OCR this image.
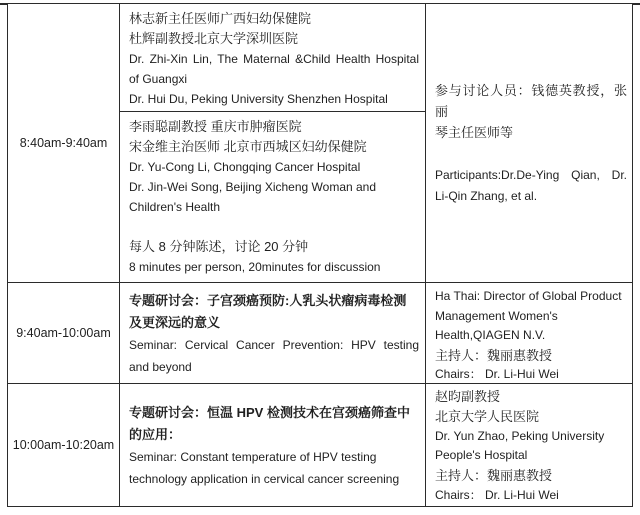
8:40am-9:40am
林志新主任医师广西妇幼保健院
杜辉副教授北京大学深圳医院
Dr. Zhi-Xin Lin, The Maternal &Child Health Hospital
of Guangxi
Dr. Hui Du, Peking University Shenzhen Hospital
李雨聪副教授 重庆市肿瘤医院
宋金维主治医师 北京市西城区妇幼保健院
Dr. Yu-Cong Li, Chongqing Cancer Hospital
Dr. Jin-Wei Song, Beijing Xicheng Woman and
Children's Health
每人 8 分钟陈述，讨论 20 分钟
8 minutes per person, 20minutes for discussion
参与讨论人员：钱德英教授，张丽
琴主任医师等
Participants:Dr.De-Ying Qian, Dr.
Li-Qin Zhang, et al.
9:40am-10:00am
专题研讨会：子宫颈癌预防:人乳头状瘤病毒检测
及更深远的意义
Seminar: Cervical Cancer Prevention: HPV testing
and beyond
Ha Thai: Director of Global Product
Management Women's
Health,QIAGEN N.V.
主持人：魏丽惠教授
Chairs： Dr. Li-Hui Wei
10:00am-10:20am
专题研讨会：恒温 HPV 检测技术在宫颈癌筛查中
的应用：
Seminar: Constant temperature of HPV testing
technology application in cervical cancer screening
赵昀副教授
北京大学人民医院
Dr. Yun Zhao, Peking University
People's Hospital
主持人：魏丽惠教授
Chairs： Dr. Li-Hui Wei
